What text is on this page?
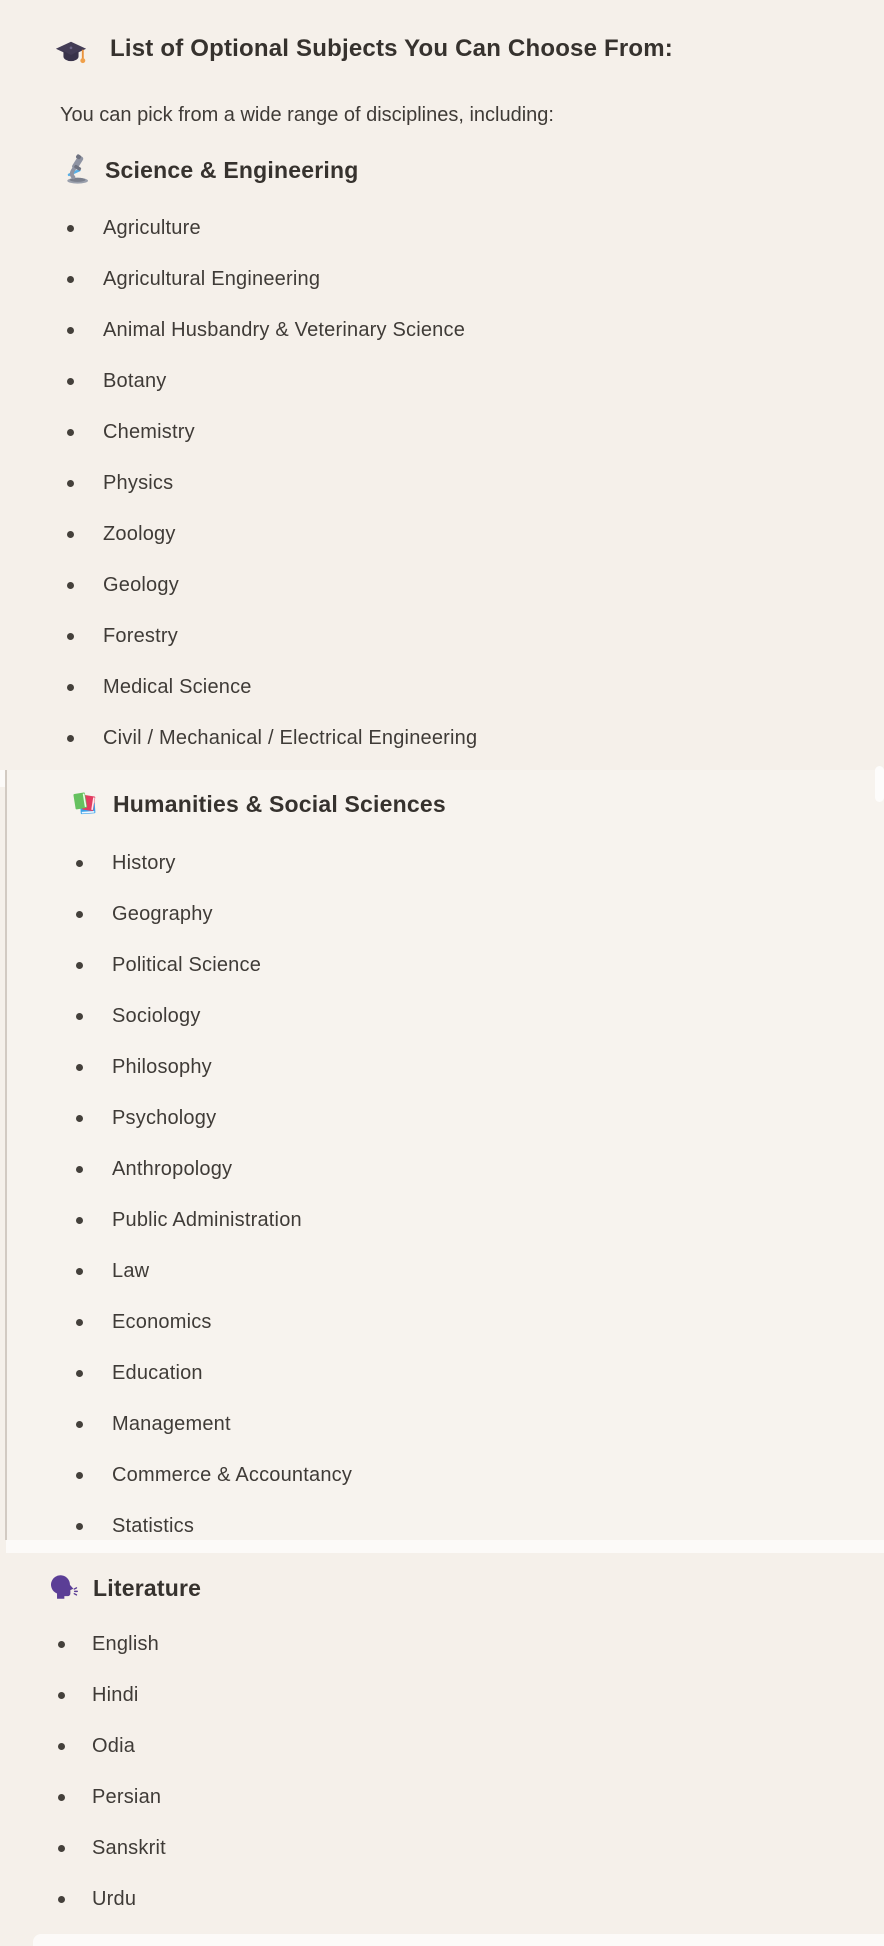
List of Optional Subjects You Can Choose From:
You can pick from a wide range of disciplines, including:
Science & Engineering
Agriculture
Agricultural Engineering
Animal Husbandry & Veterinary Science
Botany
Chemistry
Physics
Zoology
Geology
Forestry
Medical Science
Civil / Mechanical / Electrical Engineering
Humanities & Social Sciences
History
Geography
Political Science
Sociology
Philosophy
Psychology
Anthropology
Public Administration
Law
Economics
Education
Management
Commerce & Accountancy
Statistics
Literature
English
Hindi
Odia
Persian
Sanskrit
Urdu
